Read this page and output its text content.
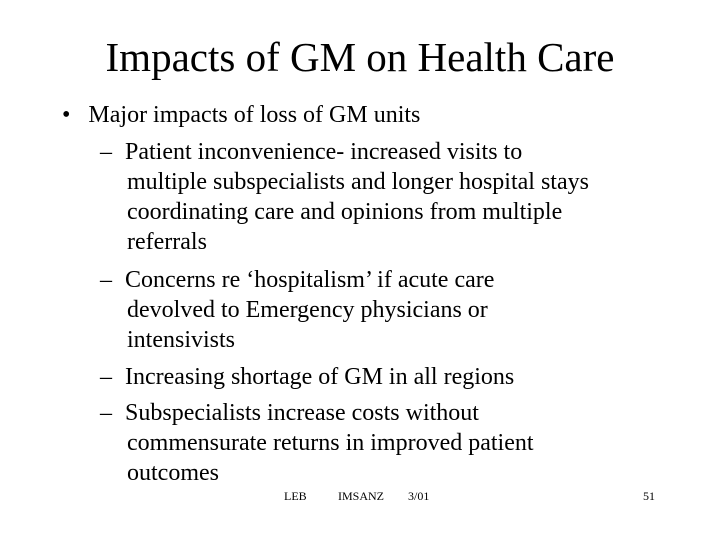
Impacts of GM on Health Care
• Major impacts of loss of GM units
– Patient inconvenience- increased visits to
multiple subspecialists and longer hospital stays
coordinating care and opinions from multiple
referrals
– Concerns re ‘hospitalism’ if acute care
devolved to Emergency physicians or
intensivists
– Increasing shortage of GM in all regions
– Subspecialists increase costs without
commensurate returns in improved patient
outcomes
LEB	IMSANZ 3/01	51
